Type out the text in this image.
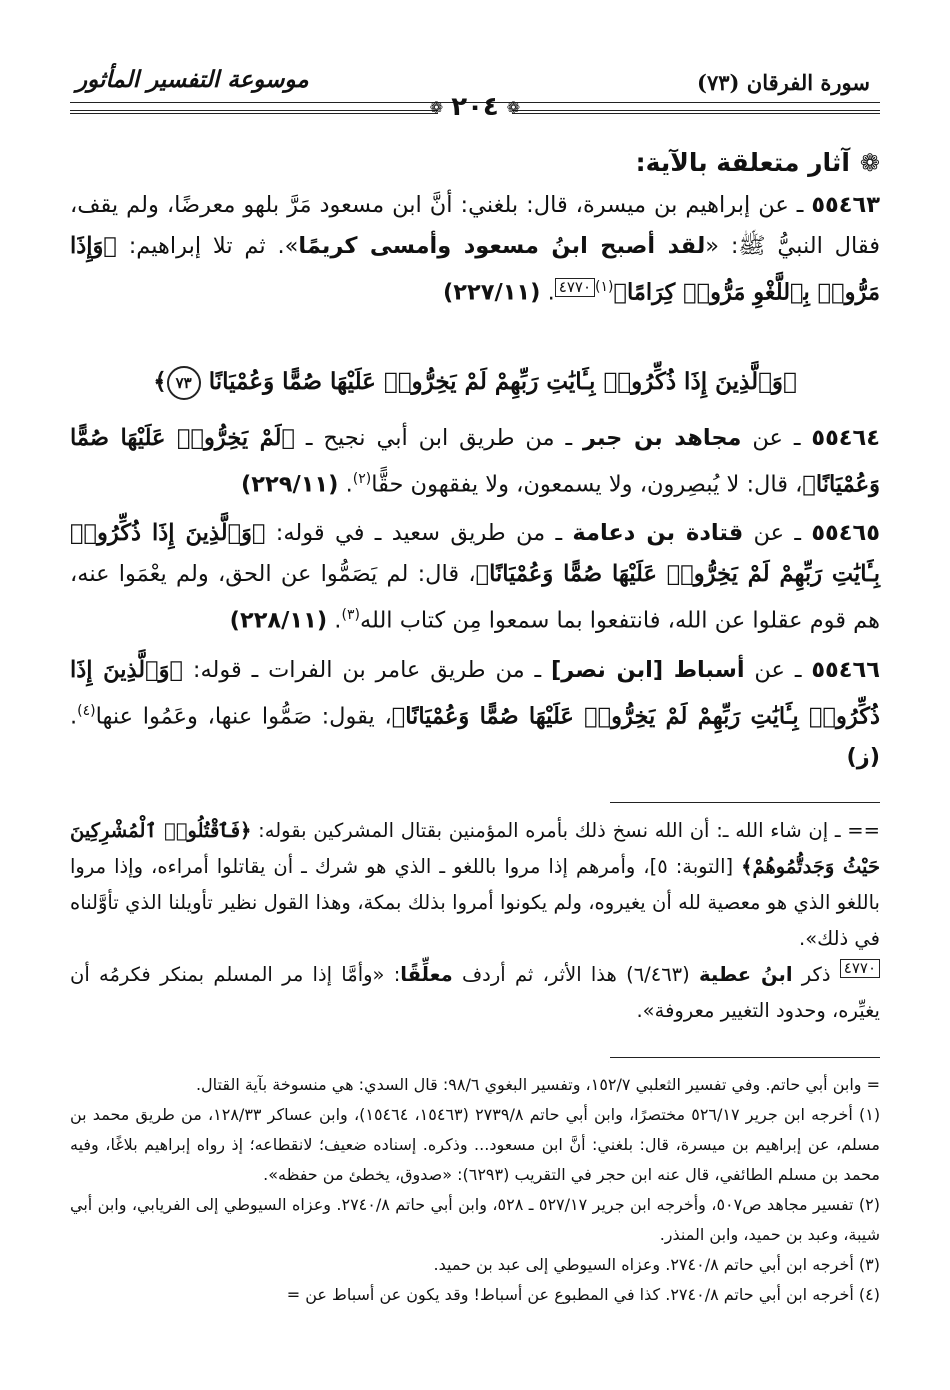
سورة الفرقان (٧٣)
موسوعة التفسير المأثور
❁
٢٠٤
❁
❁
آثار متعلقة بالآية:

٥٥٤٦٣ ـ عن إبراهيم بن ميسرة، قال: بلغني: أنَّ ابن مسعود مَرَّ بلهو معرضًا، ولم يقف، فقال النبيُّ ﷺ: «لقد أصبح ابنُ مسعود وأمسى كريمًا». ثم تلا إبراهيم: ﴿وَإِذَا مَرُّوا۟ بِٱللَّغْوِ مَرُّوا۟ كِرَامًا﴾$^{(١)}$٤٧٧٠. (٢٢٧/١١)

﴿وَٱلَّذِينَ إِذَا ذُكِّرُوا۟ بِـَٔايَٰتِ رَبِّهِمْ لَمْ يَخِرُّوا۟ عَلَيْهَا صُمًّا وَعُمْيَانًا ٧٣﴾

٥٥٤٦٤ ـ عن مجاهد بن جبر ـ من طريق ابن أبي نجيح ـ ﴿لَمْ يَخِرُّوا۟ عَلَيْهَا صُمًّا وَعُمْيَانًا﴾، قال: لا يُبصِرون، ولا يسمعون، ولا يفقهون حقًّا$^{(٢)}$. (٢٢٩/١١)

٥٥٤٦٥ ـ عن قتادة بن دعامة ـ من طريق سعيد ـ في قوله: ﴿وَٱلَّذِينَ إِذَا ذُكِّرُوا۟ بِـَٔايَٰتِ رَبِّهِمْ لَمْ يَخِرُّوا۟ عَلَيْهَا صُمًّا وَعُمْيَانًا﴾، قال: لم يَصَمُّوا عن الحق، ولم يعْمَوا عنه، هم قوم عقلوا عن الله، فانتفعوا بما سمعوا مِن كتاب الله$^{(٣)}$. (٢٢٨/١١)

٥٥٤٦٦ ـ عن أسباط [ابن نصر] ـ من طريق عامر بن الفرات ـ قوله: ﴿وَٱلَّذِينَ إِذَا ذُكِّرُوا۟ بِـَٔايَٰتِ رَبِّهِمْ لَمْ يَخِرُّوا۟ عَلَيْهَا صُمًّا وَعُمْيَانًا﴾، يقول: صَمُّوا عنها، وعَمُوا عنها$^{(٤)}$. (ز)

== ـ إن شاء الله ـ: أن الله نسخ ذلك بأمره المؤمنين بقتال المشركين بقوله: ﴿فَٱقْتُلُوا۟ ٱلْمُشْرِكِينَ حَيْثُ وَجَدتُّمُوهُمْ﴾ [التوبة: ٥]، وأمرهم إذا مروا باللغو ـ الذي هو شرك ـ أن يقاتلوا أمراءه، وإذا مروا باللغو الذي هو معصية لله أن يغيروه، ولم يكونوا أمروا بذلك بمكة، وهذا القول نظير تأويلنا الذي تأوَّلناه في ذلك».

٤٧٧٠ ذكر ابنُ عطية (٦/٤٦٣) هذا الأثر، ثم أردف معلِّقًا: «وأمَّا إذا مر المسلم بمنكر فكرمُه أن يغيِّره، وحدود التغيير معروفة».

= وابن أبي حاتم. وفي تفسير الثعلبي ١٥٢/٧، وتفسير البغوي ٩٨/٦: قال السدي: هي منسوخة بآية القتال.

(١) أخرجه ابن جرير ٥٢٦/١٧ مختصرًا، وابن أبي حاتم ٢٧٣٩/٨ (١٥٤٦٣، ١٥٤٦٤)، وابن عساكر ١٢٨/٣٣، من طريق محمد بن مسلم، عن إبراهيم بن ميسرة، قال: بلغني: أنَّ ابن مسعود... وذكره. إسناده ضعيف؛ لانقطاعه؛ إذ رواه إبراهيم بلاغًا، وفيه محمد بن مسلم الطائفي، قال عنه ابن حجر في التقريب (٦٢٩٣): «صدوق، يخطئ من حفظه».

(٢) تفسير مجاهد ص٥٠٧، وأخرجه ابن جرير ٥٢٧/١٧ ـ ٥٢٨، وابن أبي حاتم ٢٧٤٠/٨. وعزاه السيوطي إلى الفريابي، وابن أبي شيبة، وعبد بن حميد، وابن المنذر.

(٣) أخرجه ابن أبي حاتم ٢٧٤٠/٨. وعزاه السيوطي إلى عبد بن حميد.

(٤) أخرجه ابن أبي حاتم ٢٧٤٠/٨. كذا في المطبوع عن أسباط! وقد يكون عن أسباط عن =
